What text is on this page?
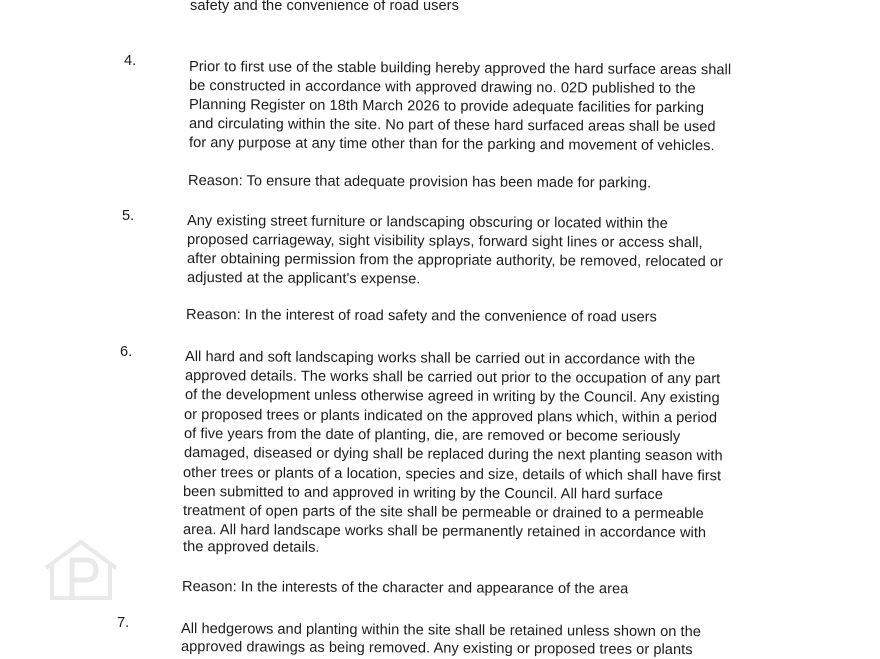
safety and the convenience of road users
4.	Prior to first use of the stable building hereby approved the hard surface areas shall
be constructed in accordance with approved drawing no. 02D published to the
Planning Register on 18th March 2026 to provide adequate facilities for parking
and circulating within the site. No part of these hard surfaced areas shall be used
for any purpose at any time other than for the parking and movement of vehicles.
Reason: To ensure that adequate provision has been made for parking.
5.	Any existing street furniture or landscaping obscuring or located within the
proposed carriageway, sight visibility splays, forward sight lines or access shall,
after obtaining permission from the appropriate authority, be removed, relocated or
adjusted at the applicant's expense.
Reason: In the interest of road safety and the convenience of road users
6.	All hard and soft landscaping works shall be carried out in accordance with the
approved details. The works shall be carried out prior to the occupation of any part
of the development unless otherwise agreed in writing by the Council. Any existing
or proposed trees or plants indicated on the approved plans which, within a period
of five years from the date of planting, die, are removed or become seriously
damaged, diseased or dying shall be replaced during the next planting season with
other trees or plants of a location, species and size, details of which shall have first
been submitted to and approved in writing by the Council. All hard surface
treatment of open parts of the site shall be permeable or drained to a permeable
area. All hard landscape works shall be permanently retained in accordance with
the approved details.
Reason: In the interests of the character and appearance of the area
7.	All hedgerows and planting within the site shall be retained unless shown on the
approved drawings as being removed. Any existing or proposed trees or plants
